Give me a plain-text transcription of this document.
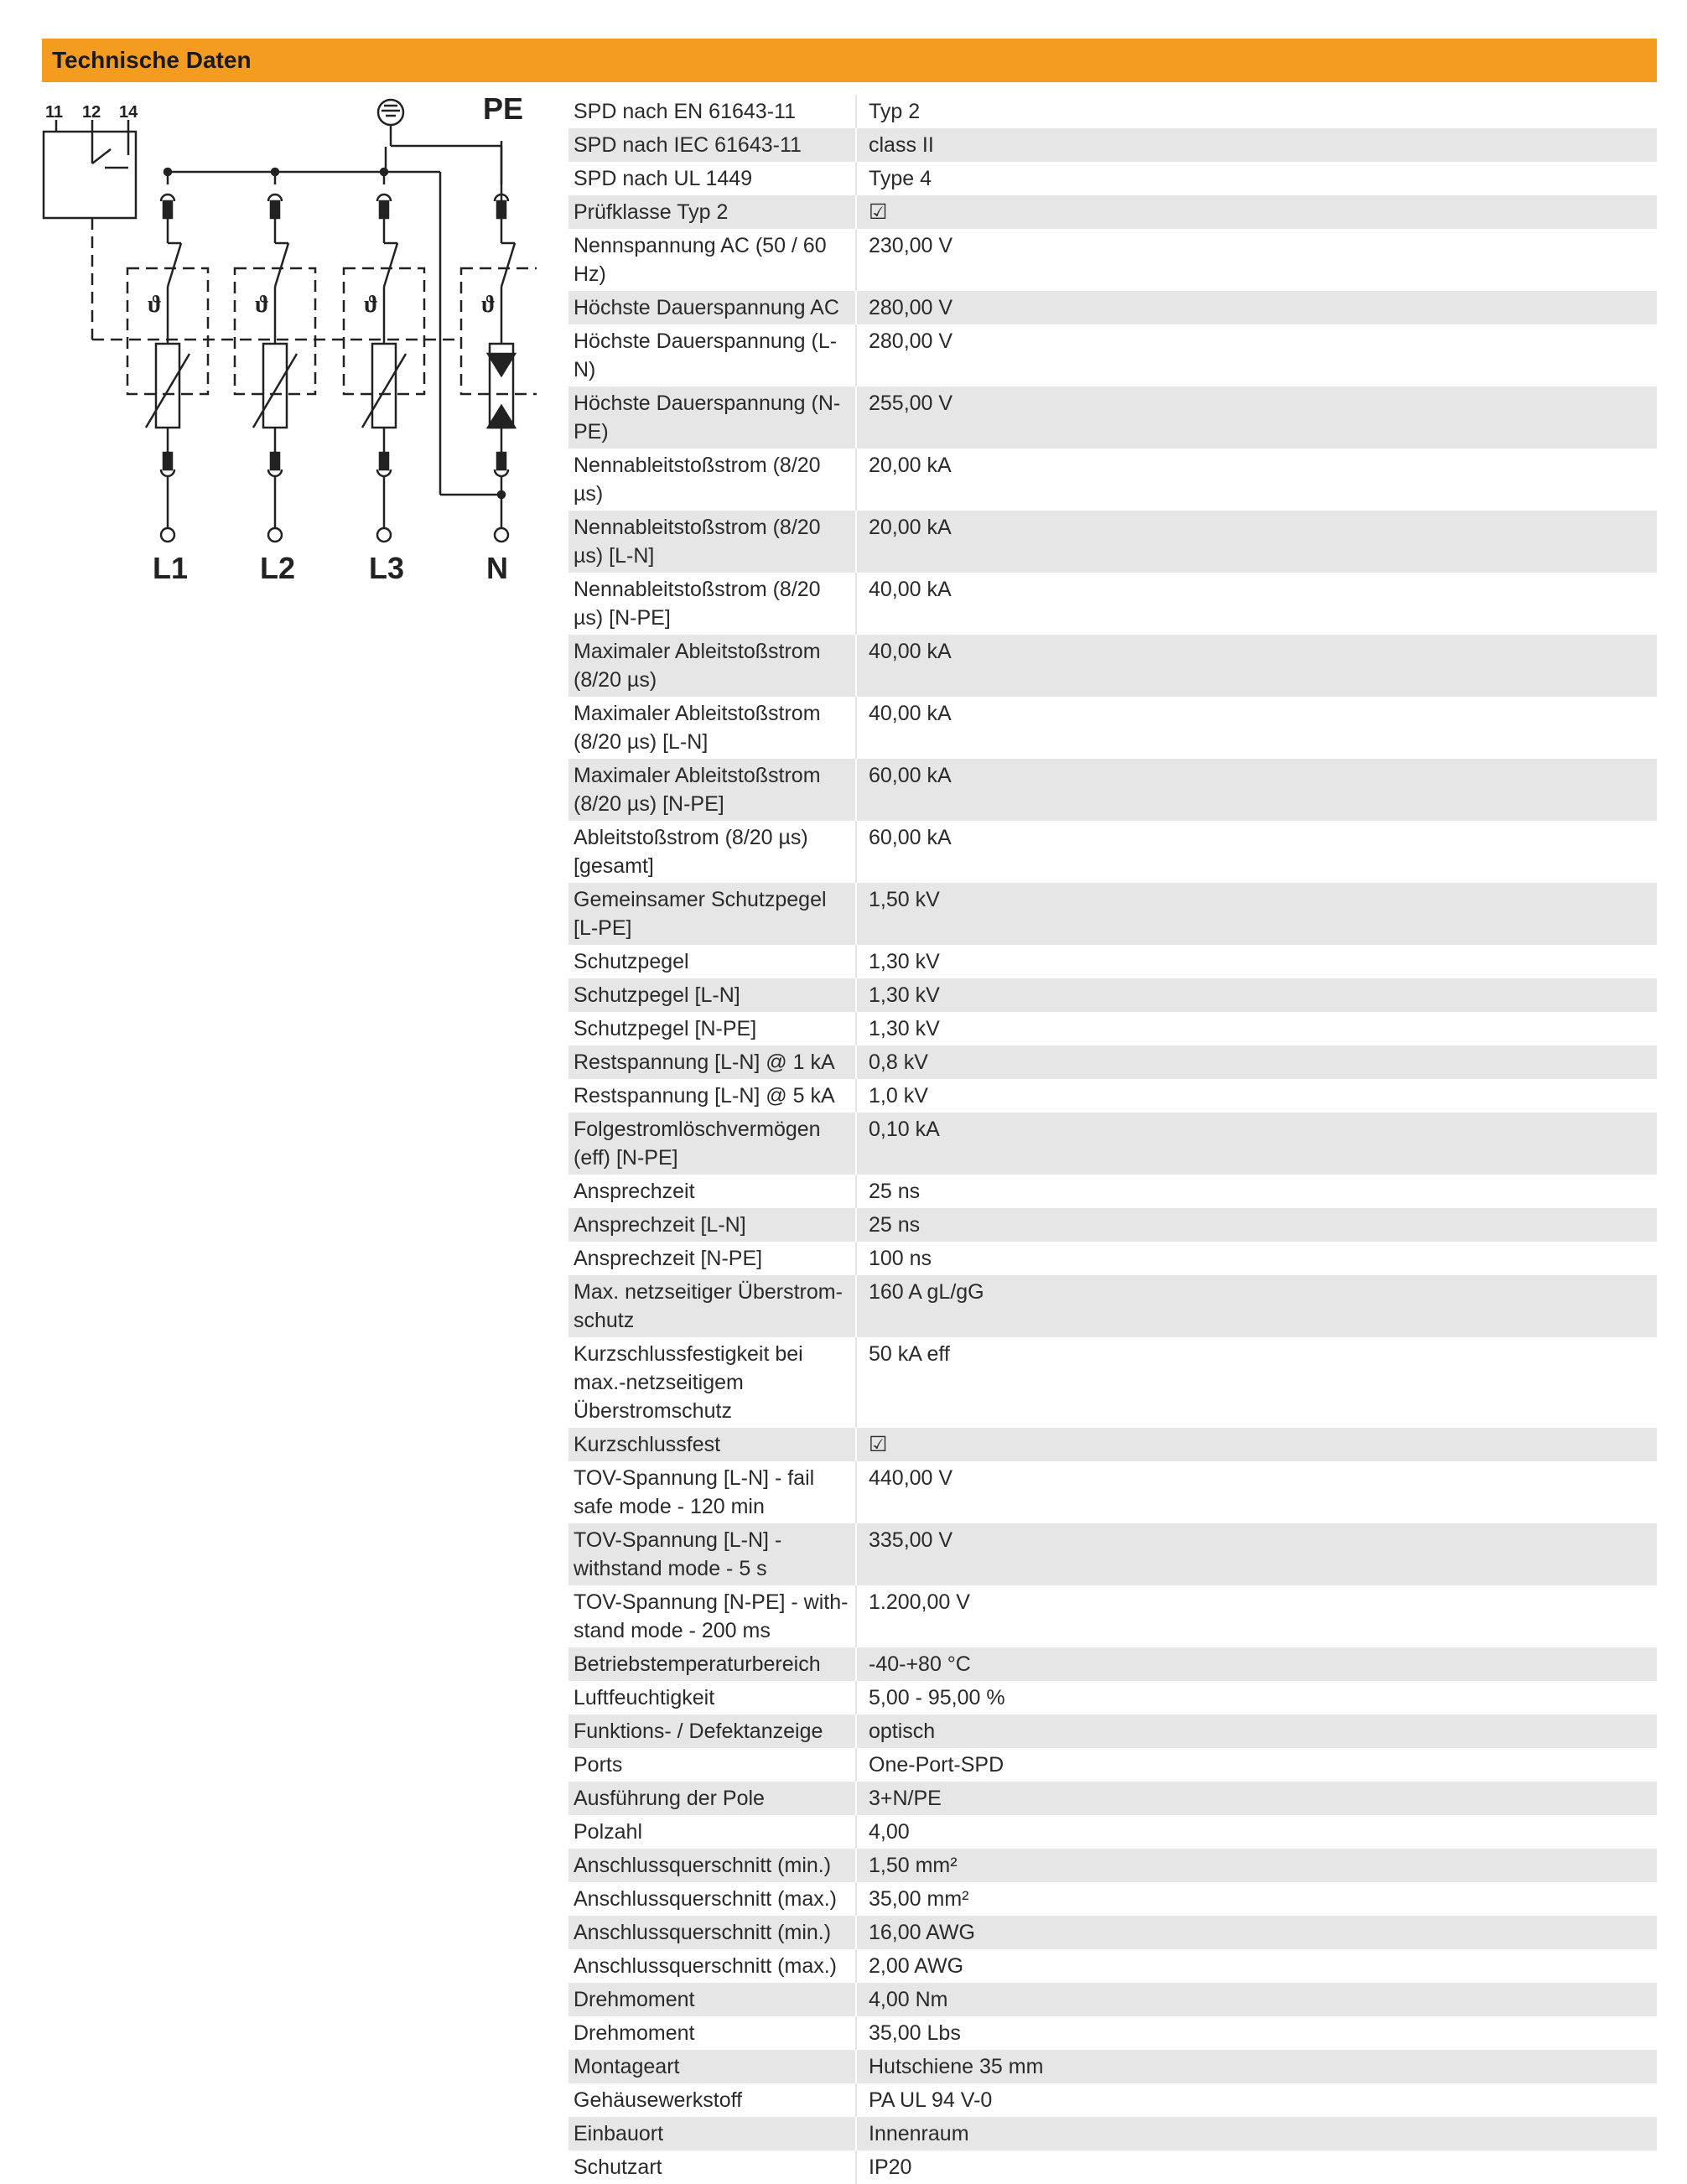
Technische Daten
ϑ
L1
ϑ
L2
ϑ
L3
ϑ
N
11 12 14	PE SPD nach EN 61643-11	Typ 2
SPD nach IEC 61643-11	class II
SPD nach UL 1449	Type 4
Prüfklasse Typ 2	☑
Nennspannung AC (50 / 60 Hz)	230,00 V
Höchste Dauerspannung AC	280,00 V
Höchste Dauerspannung (L-N)	280,00 V
Höchste Dauerspannung (N-PE)	255,00 V
Nennableitstoßstrom (8/20 µs)	20,00 kA
Nennableitstoßstrom (8/20 µs) [L-N]	20,00 kA
Nennableitstoßstrom (8/20 µs) [N-PE]	40,00 kA
Maximaler Ableitstoßstrom (8/20 µs)	40,00 kA
Maximaler Ableitstoßstrom (8/20 µs) [L-N]	40,00 kA
Maximaler Ableitstoßstrom (8/20 µs) [N-PE]	60,00 kA
Ableitstoßstrom (8/20 µs) [gesamt]	60,00 kA
Gemeinsamer Schutzpegel [L-PE]	1,50 kV
Schutzpegel	1,30 kV
Schutzpegel [L-N]	1,30 kV
Schutzpegel [N-PE]	1,30 kV
Restspannung [L-N] @ 1 kA	0,8 kV
Restspannung [L-N] @ 5 kA	1,0 kV
Folgestromlöschvermögen (eff) [N-PE]	0,10 kA
Ansprechzeit	25 ns
Ansprechzeit [L-N]	25 ns
Ansprechzeit [N-PE]	100 ns
Max. netzseitiger Überstrom-schutz	160 A gL/gG
Kurzschlussfestigkeit bei max.-netzseitigem Überstromschutz	50 kA eff
Kurzschlussfest	☑
TOV-Spannung [L-N] - fail safe mode - 120 min	440,00 V
TOV-Spannung [L-N] - withstand mode - 5 s	335,00 V
TOV-Spannung [N-PE] - with-stand mode - 200 ms	1.200,00 V
Betriebstemperaturbereich	-40-+80 °C
Luftfeuchtigkeit	5,00 - 95,00 %
Funktions- / Defektanzeige	optisch
Ports	One-Port-SPD
Ausführung der Pole	3+N/PE
Polzahl	4,00
Anschlussquerschnitt (min.)	1,50 mm²
Anschlussquerschnitt (max.)	35,00 mm²
Anschlussquerschnitt (min.)	16,00 AWG
Anschlussquerschnitt (max.)	2,00 AWG
Drehmoment	4,00 Nm
Drehmoment	35,00 Lbs
Montageart	Hutschiene 35 mm
Gehäusewerkstoff	PA UL 94 V-0
Einbauort	Innenraum
Schutzart	IP20
